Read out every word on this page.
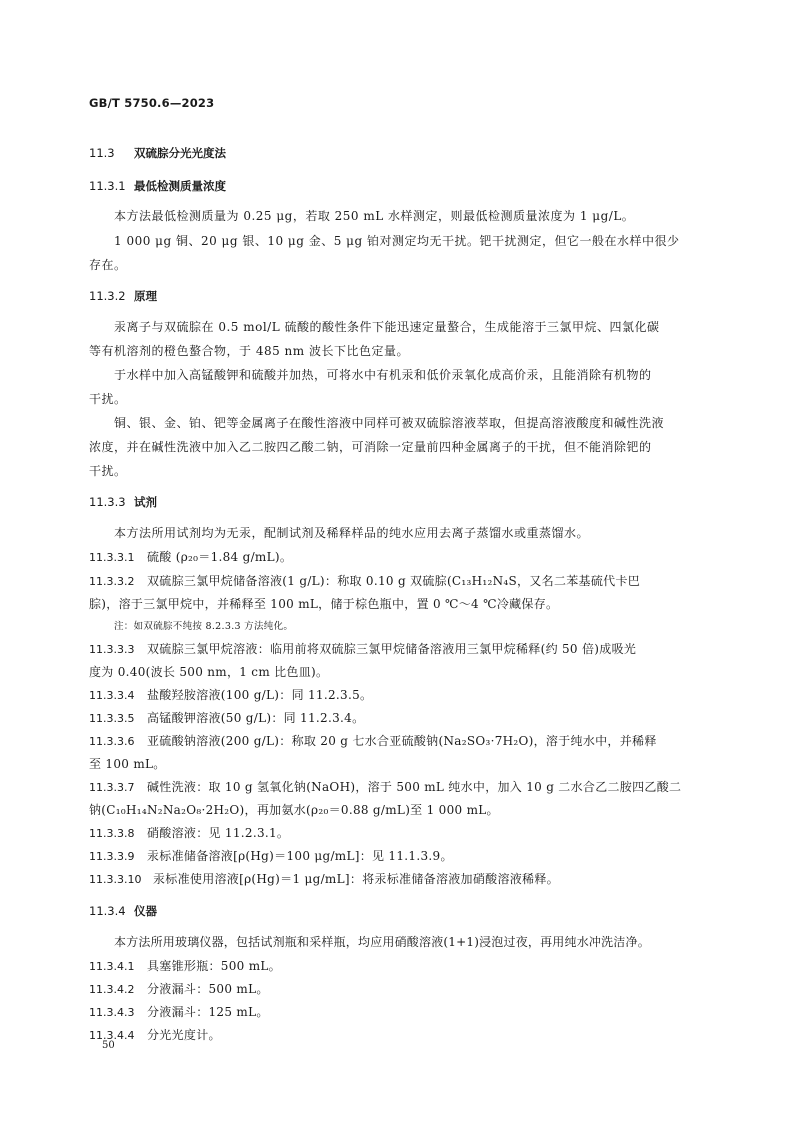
GB/T 5750.6—2023
11.3 双硫腙分光光度法
11.3.1 最低检测质量浓度
本方法最低检测质量为 0.25 μg，若取 250 mL 水样测定，则最低检测质量浓度为 1 μg/L。
1 000 μg 铜、20 μg 银、10 μg 金、5 μg 铂对测定均无干扰。钯干扰测定，但它一般在水样中很少
存在。
11.3.2 原理
汞离子与双硫腙在 0.5 mol/L 硫酸的酸性条件下能迅速定量螯合，生成能溶于三氯甲烷、四氯化碳
等有机溶剂的橙色螯合物，于 485 nm 波长下比色定量。
于水样中加入高锰酸钾和硫酸并加热，可将水中有机汞和低价汞氧化成高价汞，且能消除有机物的
干扰。
铜、银、金、铂、钯等金属离子在酸性溶液中同样可被双硫腙溶液萃取，但提高溶液酸度和碱性洗液
浓度，并在碱性洗液中加入乙二胺四乙酸二钠，可消除一定量前四种金属离子的干扰，但不能消除钯的
干扰。
11.3.3 试剂
本方法所用试剂均为无汞，配制试剂及稀释样品的纯水应用去离子蒸馏水或重蒸馏水。
11.3.3.1 硫酸 (ρ₂₀＝1.84 g/mL)。
11.3.3.2 双硫腙三氯甲烷储备溶液(1 g/L)：称取 0.10 g 双硫腙(C₁₃H₁₂N₄S，又名二苯基硫代卡巴
腙)，溶于三氯甲烷中，并稀释至 100 mL，储于棕色瓶中，置 0 ℃～4 ℃冷藏保存。
注：如双硫腙不纯按 8.2.3.3 方法纯化。
11.3.3.3 双硫腙三氯甲烷溶液：临用前将双硫腙三氯甲烷储备溶液用三氯甲烷稀释(约 50 倍)成吸光
度为 0.40(波长 500 nm，1 cm 比色皿)。
11.3.3.4 盐酸羟胺溶液(100 g/L)：同 11.2.3.5。
11.3.3.5 高锰酸钾溶液(50 g/L)：同 11.2.3.4。
11.3.3.6 亚硫酸钠溶液(200 g/L)：称取 20 g 七水合亚硫酸钠(Na₂SO₃·7H₂O)，溶于纯水中，并稀释
至 100 mL。
11.3.3.7 碱性洗液：取 10 g 氢氧化钠(NaOH)，溶于 500 mL 纯水中，加入 10 g 二水合乙二胺四乙酸二
钠(C₁₀H₁₄N₂Na₂O₈·2H₂O)，再加氨水(ρ₂₀＝0.88 g/mL)至 1 000 mL。
11.3.3.8 硝酸溶液：见 11.2.3.1。
11.3.3.9 汞标准储备溶液[ρ(Hg)＝100 μg/mL]：见 11.1.3.9。
11.3.3.10 汞标准使用溶液[ρ(Hg)＝1 μg/mL]：将汞标准储备溶液加硝酸溶液稀释。
11.3.4 仪器
本方法所用玻璃仪器，包括试剂瓶和采样瓶，均应用硝酸溶液(1+1)浸泡过夜，再用纯水冲洗洁净。
11.3.4.1 具塞锥形瓶：500 mL。
11.3.4.2 分液漏斗：500 mL。
11.3.4.3 分液漏斗：125 mL。
11.3.4.4 分光光度计。
50
